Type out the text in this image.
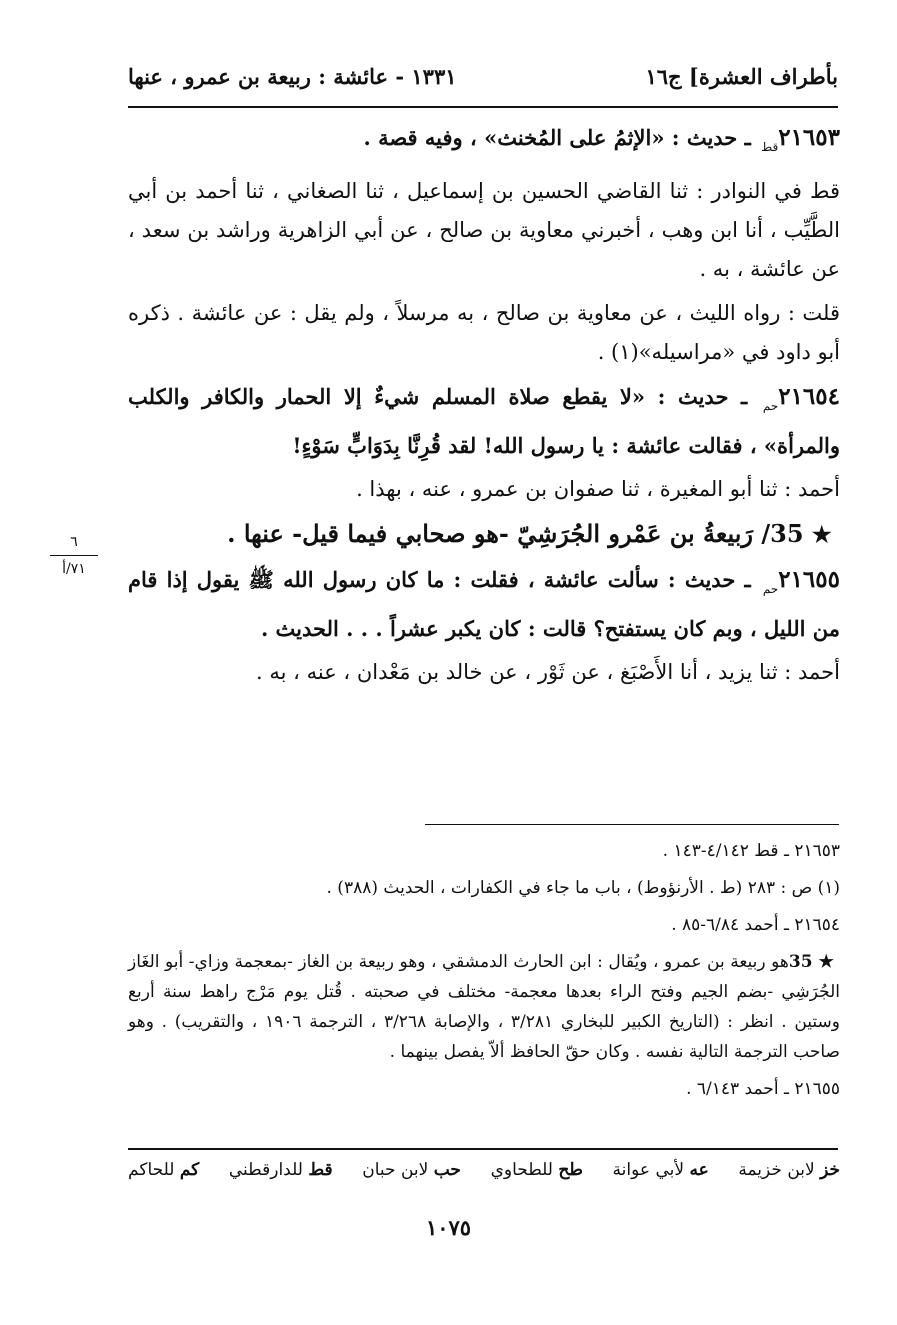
بأطراف العشرة] ج١٦
١٣٣١ - عائشة : ربيعة بن عمرو ، عنها

$٢١٦٥٣_{قط}$ ـ حديث : «الإثمُ على المُخنث» ، وفيه قصة .

قط في النوادر : ثنا القاضي الحسين بن إسماعيل ، ثنا الصغاني ، ثنا أحمد بن أبي الطَّيِّب ، أنا ابن وهب ، أخبرني معاوية بن صالح ، عن أبي الزاهرية وراشد بن سعد ، عن عائشة ، به .

قلت : رواه الليث ، عن معاوية بن صالح ، به مرسلاً ، ولم يقل : عن عائشة . ذكره أبو داود في «مراسيله»(١) .

$٢١٦٥٤_{حم}$ ـ حديث : «لا يقطع صلاة المسلم شيءٌ إلا الحمار والكافر والكلب والمرأة» ، فقالت عائشة : يا رسول الله! لقد قُرِنَّا بِدَوَابٍّ سَوْءٍ!

أحمد : ثنا أبو المغيرة ، ثنا صفوان بن عمرو ، عنه ، بهذا .

35 ★ / رَبيعةُ بن عَمْرو الجُرَشِيّ -هو صحابي فيما قيل- عنها .

$٢١٦٥٥_{حم}$ ـ حديث : سألت عائشة ، فقلت : ما كان رسول الله ﷺ يقول إذا قام من الليل ، وبم كان يستفتح؟ قالت : كان يكبر عشراً . . . الحديث .

أحمد : ثنا يزيد ، أنا الأَصْبَغ ، عن ثَوْر ، عن خالد بن مَعْدان ، عنه ، به .

٦
٧١/أ

٢١٦٥٣ ـ قط ٤/١٤٢-١٤٣ .

(١) ص : ٢٨٣ (ط . الأرنؤوط) ، باب ما جاء في الكفارات ، الحديث (٣٨٨) .

٢١٦٥٤ ـ أحمد ٦/٨٤-٨٥ .

35 ★ هو ربيعة بن عمرو ، ويُقال : ابن الحارث الدمشقي ، وهو ربيعة بن الغاز -بمعجمة وزاي- أبو الغَاز الجُرَشِي -بضم الجيم وفتح الراء بعدها معجمة- مختلف في صحبته . قُتل يوم مَرْج راهط سنة أربع وستين . انظر : (التاريخ الكبير للبخاري ٣/٢٨١ ، والإصابة ٣/٢٦٨ ، الترجمة ١٩٠٦ ، والتقريب) . وهو صاحب الترجمة التالية نفسه . وكان حقّ الحافظ ألاّ يفصل بينهما .

٢١٦٥٥ ـ أحمد ٦/١٤٣ .

خز لابن خزيمة
عه لأبي عوانة
طح للطحاوي
حب لابن حبان
قط للدارقطني
كم للحاكم
١٠٧٥
